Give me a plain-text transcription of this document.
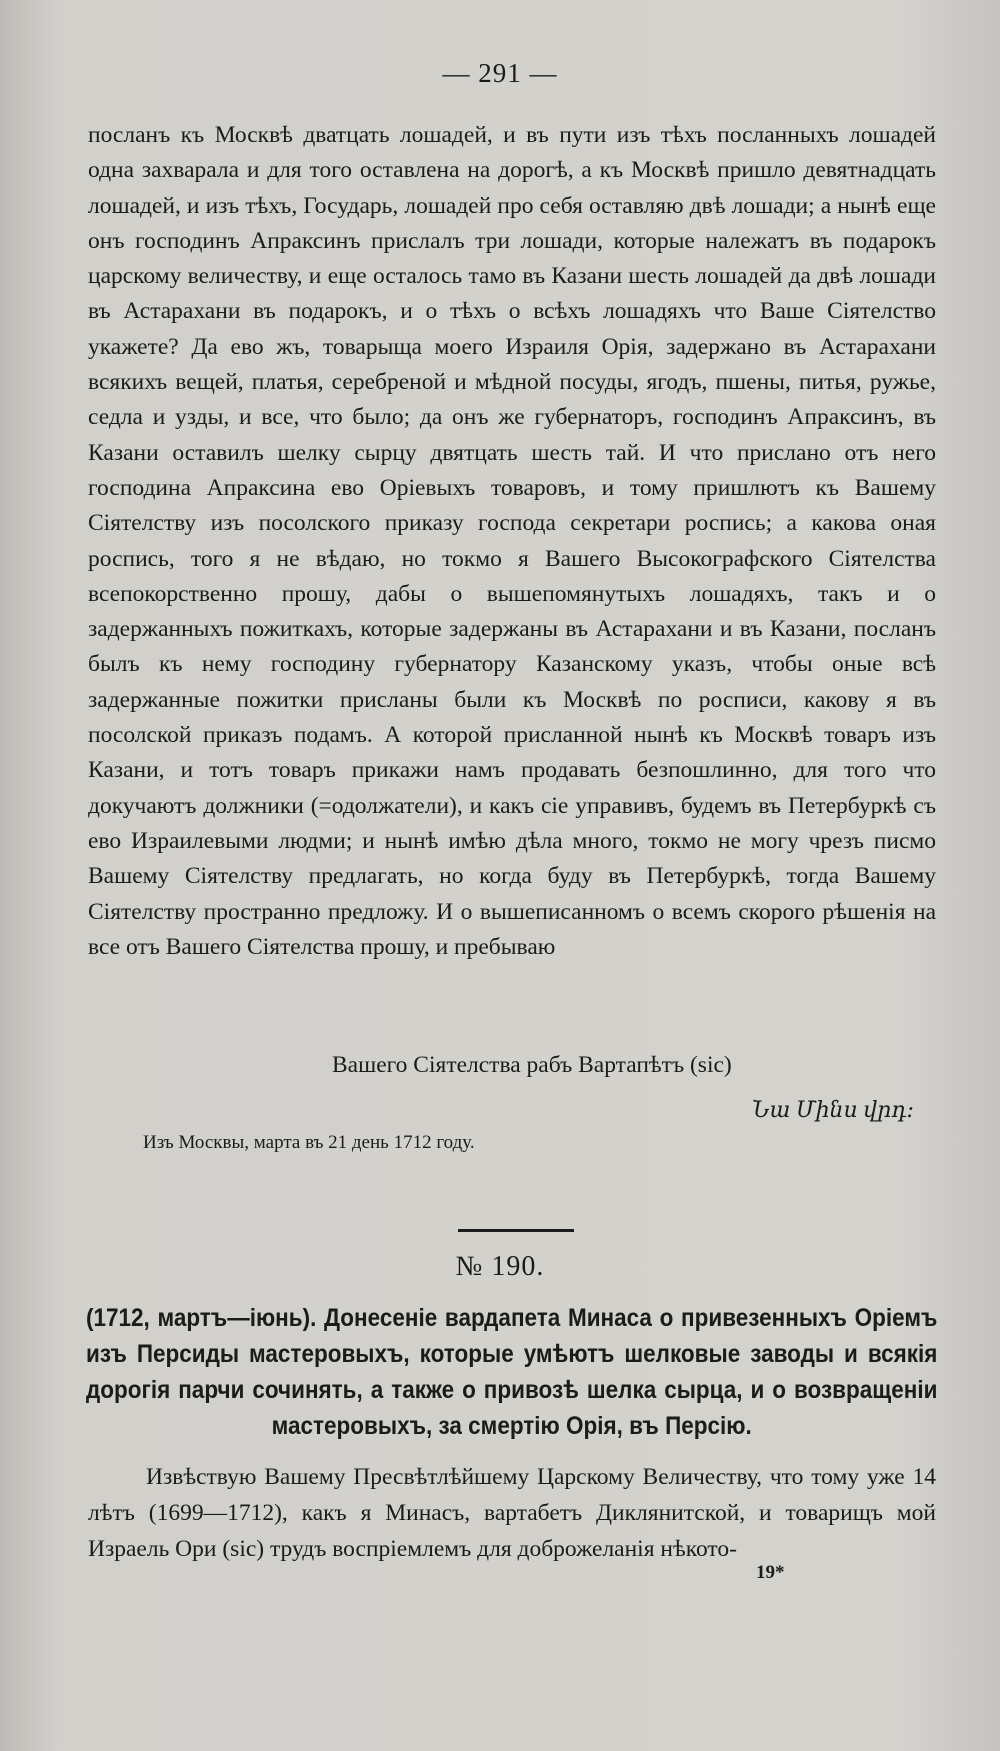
— 291 —

посланъ къ Москвѣ дватцать лошадей, и въ пути изъ тѣхъ посланныхъ лошадей одна захварала и для того оставлена на дорогѣ, а къ Москвѣ пришло девятнадцать лошадей, и изъ тѣхъ, Государь, лошадей про себя оставляю двѣ лошади; а нынѣ еще онъ господинъ Апраксинъ прислалъ три лошади, которые належатъ въ подарокъ царскому величеству, и еще осталось тамо въ Казани шесть лошадей да двѣ лошади въ Астарахани въ подарокъ, и о тѣхъ о всѣхъ лошадяхъ что Ваше Сіятелство укажете? Да ево жъ, товарыща моего Израиля Орія, задержано въ Астарахани всякихъ вещей, платья, серебреной и мѣдной посуды, ягодъ, пшены, питья, ружье, седла и узды, и все, что было; да онъ же губернаторъ, господинъ Апраксинъ, въ Казани оставилъ шелку сырцу двятцать шесть тай. И что прислано отъ него господина Апраксина ево Оріевыхъ товаровъ, и тому пришлютъ къ Вашему Сіятелству изъ посолского приказу господа секретари роспись; а какова оная роспись, того я не вѣдаю, но токмо я Вашего Высокографского Сіятелства всепокорственно прошу, дабы о вышепомянутыхъ лошадяхъ, такъ и о задержанныхъ пожиткахъ, которые задержаны въ Астарахани и въ Казани, посланъ былъ къ нему господину губернатору Казанскому указъ, чтобы оные всѣ задержанные пожитки присланы были къ Москвѣ по росписи, какову я въ посолской приказъ подамъ. А которой присланной нынѣ къ Москвѣ товаръ изъ Казани, и тотъ товаръ прикажи намъ продавать безпошлинно, для того что докучаютъ должники (=одолжатели), и какъ сіе управивъ, будемъ въ Петербуркѣ съ ево Израилевыми людми; и нынѣ имѣю дѣла много, токмо не могу чрезъ писмо Вашему Сіятелству предлагать, но когда буду въ Петербуркѣ, тогда Вашему Сіятелству пространно предложу. И о вышеписанномъ о всемъ скорого рѣшенія на все отъ Вашего Сіятелства прошу, и пребываю

Вашего Сіятелства рабъ Вартапѣтъ (sic)
Նա Մինս վրդ։
Изъ Москвы, марта въ 21 день 1712 году.
№ 190.

(1712, мартъ—іюнь). Донесеніе вардапета Минаса о привезенныхъ Оріемъ изъ Персиды мастеровыхъ, которые умѣютъ шелковые заводы и всякія дорогія парчи сочинять, а также о привозѣ шелка сырца, и о возвращеніи мастеровыхъ, за смертію Орія, въ Персію.

Извѣствую Вашему Пресвѣтлѣйшему Царскому Величеству, что тому уже 14 лѣтъ (1699—1712), какъ я Минасъ, вартабетъ Диклянитской, и товарищъ мой Израель Ори (sic) трудъ воспріемлемъ для доброжеланія нѣкото-

19*
